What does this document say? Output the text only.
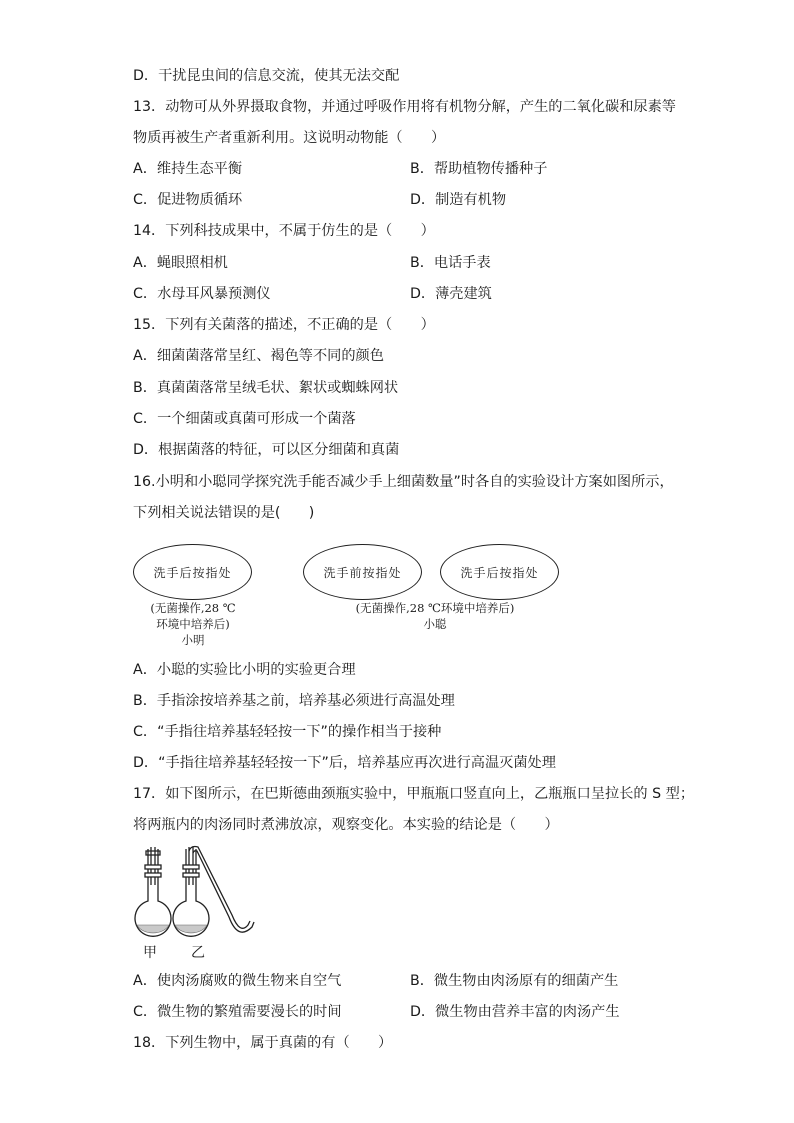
D．干扰昆虫间的信息交流，使其无法交配
13．动物可从外界摄取食物，并通过呼吸作用将有机物分解，产生的二氧化碳和尿素等
物质再被生产者重新利用。这说明动物能（　　）
A．维持生态平衡	B．帮助植物传播种子
C．促进物质循环	D．制造有机物
14．下列科技成果中，不属于仿生的是（　　）
A．蝇眼照相机	B．电话手表
C．水母耳风暴预测仪	D．薄壳建筑
15．下列有关菌落的描述，不正确的是（　　）
A．细菌菌落常呈红、褐色等不同的颜色
B．真菌菌落常呈绒毛状、絮状或蜘蛛网状
C．一个细菌或真菌可形成一个菌落
D．根据菌落的特征，可以区分细菌和真菌
16.小明和小聪同学探究洗手能否减少手上细菌数量”时各自的实验设计方案如图所示，
下列相关说法错误的是(　　)
洗手后按指处
(无菌操作,28 ℃
环境中培养后)
小明
洗手前按指处	洗手后按指处
(无菌操作,28 ℃环境中培养后)
小聪
A．小聪的实验比小明的实验更合理
B．手指涂按培养基之前，培养基必须进行高温处理
C．“手指往培养基轻轻按一下”的操作相当于接种
D．“手指往培养基轻轻按一下”后，培养基应再次进行高温灭菌处理
17．如下图所示，在巴斯德曲颈瓶实验中，甲瓶瓶口竖直向上，乙瓶瓶口呈拉长的 S 型；
将两瓶内的肉汤同时煮沸放凉，观察变化。本实验的结论是（　　）
甲 乙
A．使肉汤腐败的微生物来自空气	B．微生物由肉汤原有的细菌产生
C．微生物的繁殖需要漫长的时间	D．微生物由营养丰富的肉汤产生
18．下列生物中，属于真菌的有（　　）
